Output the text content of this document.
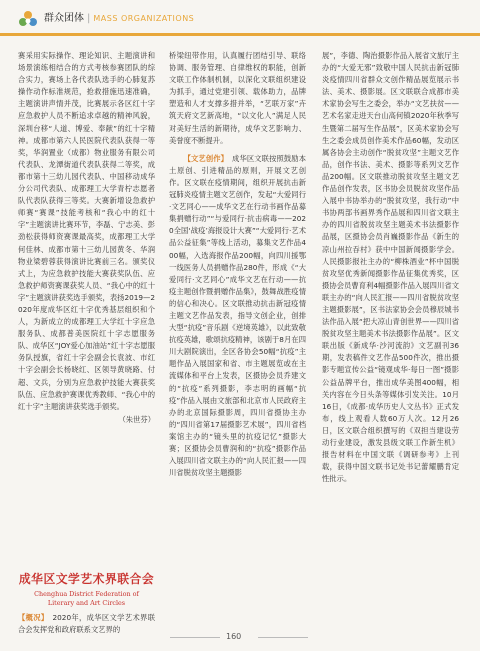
群众团体 | MASS ORGANIZATIONS

赛采用实际操作、理论知识、主题演讲和场景演练相结合的方式考核参赛团队的综合实力，赛场上各代表队选手的心肺复苏操作动作标准规范，抢救措施迅速准确，主题演讲声情并茂，比赛展示各区红十字应急救护人员不断追求卓越的精神风貌，深圳台移“人道、博爱、奉献”的红十字精神。成都市第六人民医院代表队获得一等奖，华润置业（成都）物业服务有限公司代表队、龙潭街道代表队获得二等奖，成都市第十三幼儿园代表队、中国移动成华分公司代表队、成都理工大学青柠志愿者队代表队获得三等奖。大赛新增设急救护师赛“赛课”技能考核和“我心中的红十字”主题演讲比赛环节，李磊、宁志美、彭劲松获得师资赛课最高奖，成都理工大学何佳林、成都市第十三幼儿园黄冬、华润物业梁碧蓉获得演讲比赛前三名。颁奖仪式上，为应急救护技能大赛获奖队伍、应急救护师资赛课获奖人员、“我心中的红十字”主题演讲获奖选手颁奖，表扬2019—2020年度成华区红十字优秀基层组织和个人，为新成立的成都理工大学红十字应急服务队、成都普美医院红十字志愿服务队、成华区“JOY爱心加油站”红十字志愿服务队授旗，省红十字会副会长袁波、市红十字会副会长杨晓红、区领导黄晓路、付超、文兵，分别为应急救护技能大赛获奖队伍、应急救护赛课优秀教师、“我心中的红十字”主题演讲获奖选手颁奖。

（朱世芬）

成华区文学艺术界联合会
Chenghua District Federation of
Literary and Art Circles

【概况】 2020年，成华区文学艺术界联合会发挥党和政府联系文艺界的

桥梁纽带作用，认真履行团结引导、联络协调、服务管理、自律维权的职能，创新文联工作体制机制，以深化文联组织建设为抓手，通过党建引领、载体助力，品牌塑造和人才支撑多措并举，“艺联万家”卉筑天府文艺新高地，“以文化人”满足人民对美好生活的新期待，成华文艺影响力、美誉度不断提升。

【文艺创作】 成华区文联按照鼓励本土原创、引进精品的原则，开展文艺创作。区文联在疫情期间，组织开展抗击新冠肺炎疫情主题文艺创作，发起“大爱同行·文艺同心——成华文艺在行动书画作品募集捐赠行动”“与爱同行·抗击病毒——2020全国‘战疫’海报设计大赛”“大爱同行·艺术品公益征集”等线上活动，募集文艺作品400幅，入选海报作品200幅，向四川援鄂一线医务人员捐赠作品280件，形成《“大爱同行·文艺同心”成华文艺在行动——抗疫主题创作暨捐赠作品集》，鼓舞战胜疫情的信心和决心。区文联推动抗击新冠疫情主题文艺作品发表，指导文创企业，创排大型“抗疫”音乐剧《逆境英雄》，以此致敬抗疫英雄，歌颂抗疫精神，该剧于8月在四川大剧院演出，全区各协会50幅“抗疫”主题作品入展国家和省、市主题展览或在主流媒体和平台上发表，区摄协会员乔建文的“抗疫”系列摄影，李志明的画幅“抗疫”作品入展由文旅部和北京市人民政府主办的北京国际摄影周，四川省摄协主办的“四川省第17届摄影艺术展”，四川省档案馆主办的“镜头里的抗疫记忆”摄影大赛；区摄协会员曹润和的“抗疫”摄影作品入展四川省文联主办的“向人民汇报——四川省脱贫攻坚主题摄影

展”，李德、陶治摄影作品入展省文旅厅主办的“大爱无邪”致敬中国人民抗击新冠肺炎疫情四川省群众文创作精品展览展示书法、美术、摄影展。区文联联合成都市美术家协会写生之委会，举办“文艺扶贫——艺术名家走进天台山高何镇2020年秋季写生暨第二届写生作品展”，区美术家协会写生之委会成员创作美术作品60幅，发动区属各协会主动创作“脱贫攻坚”主题文艺作品，创作书法、美术、摄影等系列文艺作品200幅。区文联推动脱贫攻坚主题文艺作品创作发表，区书协会员脱贫攻坚作品入展中书协举办的“脱贫攻坚，我行动”中书协两部书画界秀作品展和四川省文联主办的四川省脱贫攻坚主题美术书法摄影作品展，区摄协会员肖巍摄影作品《新生的凉山州拉吞村》获中中国新闻摄影学会。人民摄影报社主办的“柳株酒业”杯中国脱贫攻坚优秀新闻摄影作品征集优秀奖，区摄协会员曹育利4幅摄影作品入展四川省文联主办的“向人民汇报——四川省脱贫攻坚主题摄影展”，区书法家协会会员穆辰城书法作品入展“把大凉山青创世界——四川省脱贫攻坚主题美术书法摄影作品展”。区文联出版《新成华·沙河流韵》文艺副刊36期，发表稿件文艺作品500件次，推出摄影专题宣传公益“镜观成华·每日一图”摄影公益品牌平台，推出成华美图400幅，相关内容在今日头条等媒体引发关注。10月16日，《成都·成华历史人文丛书》正式发布，线上观看人数60万人次。12月26日，区文联合组织撰写的《双担当建设劳动行业建设，激发县级文联工作新生机》报告材料在中国文联《调研参考》上刊载，获得中国文联书记处书记蕾耀鹏肯定性批示。

160
